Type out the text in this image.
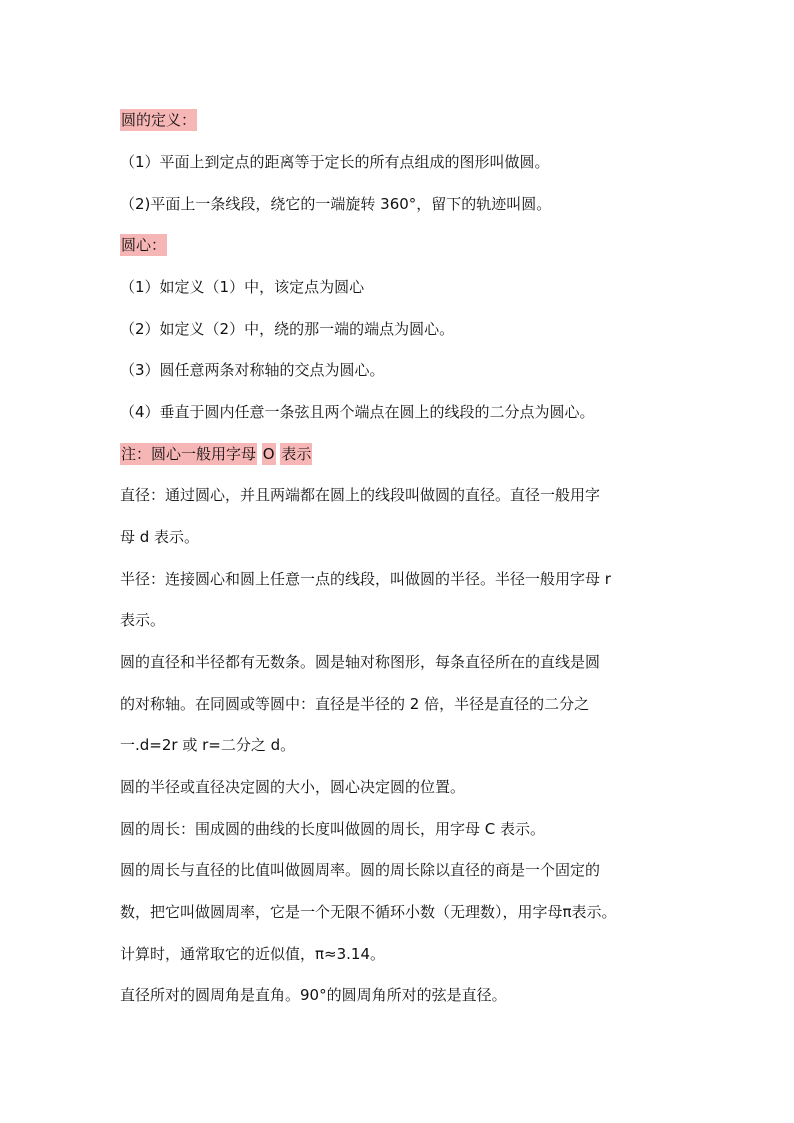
圆的定义：
（1）平面上到定点的距离等于定长的所有点组成的图形叫做圆。
（2)平面上一条线段，绕它的一端旋转 360°，留下的轨迹叫圆。
圆心：
（1）如定义（1）中，该定点为圆心
（2）如定义（2）中，绕的那一端的端点为圆心。
（3）圆任意两条对称轴的交点为圆心。
（4）垂直于圆内任意一条弦且两个端点在圆上的线段的二分点为圆心。
注：圆心一般用字母 O 表示
直径：通过圆心，并且两端都在圆上的线段叫做圆的直径。直径一般用字
母 d 表示。
半径：连接圆心和圆上任意一点的线段，叫做圆的半径。半径一般用字母 r
表示。
圆的直径和半径都有无数条。圆是轴对称图形，每条直径所在的直线是圆
的对称轴。在同圆或等圆中：直径是半径的 2 倍，半径是直径的二分之
一.d=2r 或 r=二分之 d。
圆的半径或直径决定圆的大小，圆心决定圆的位置。
圆的周长：围成圆的曲线的长度叫做圆的周长，用字母 C 表示。
圆的周长与直径的比值叫做圆周率。圆的周长除以直径的商是一个固定的
数，把它叫做圆周率，它是一个无限不循环小数（无理数），用字母π表示。
计算时，通常取它的近似值，π≈3.14。
直径所对的圆周角是直角。90°的圆周角所对的弦是直径。
